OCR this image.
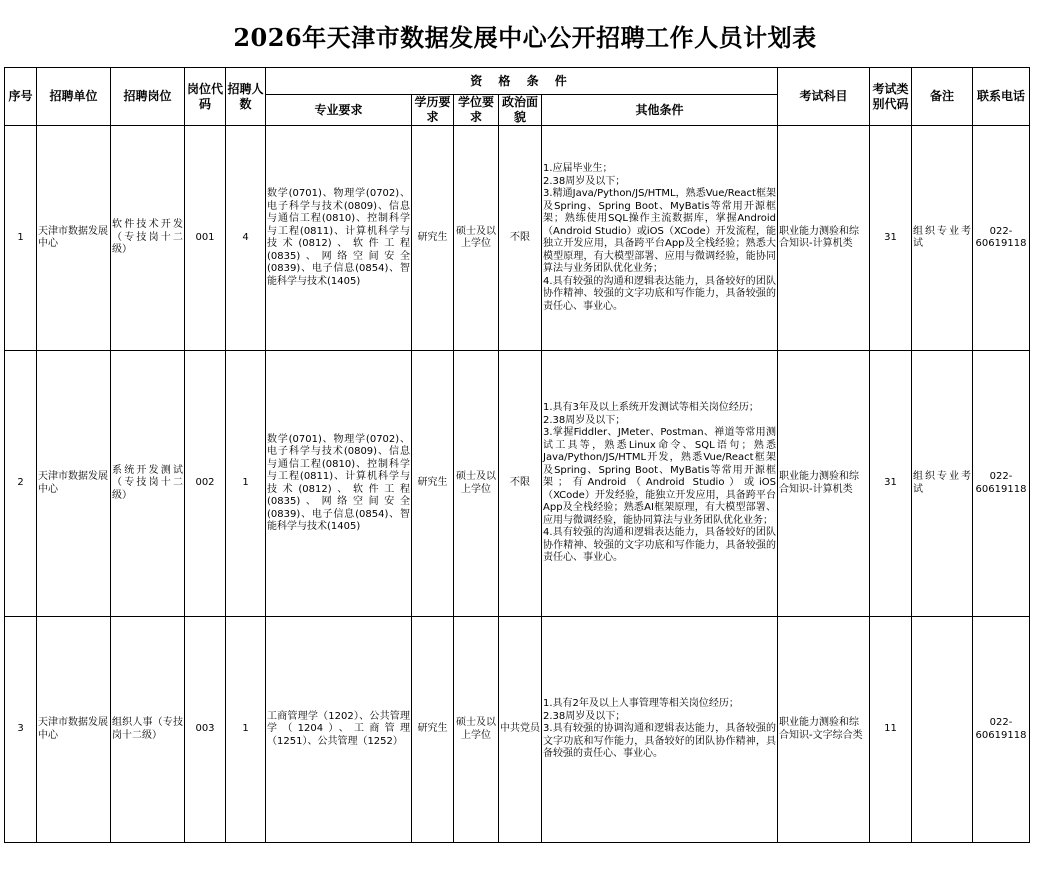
2026年天津市数据发展中心公开招聘工作人员计划表
序号	招聘单位	招聘岗位	岗位代码	招聘人数	资 格 条 件					考试科目	考试类别代码	备注	联系电话
					专业要求	学历要求	学位要求	政治面貌	其他条件				
1	天津市数据发展中心	软件技术开发（专技岗十二级）	001	4	数学(0701)、物理学(0702)、电子科学与技术(0809)、信息与通信工程(0810)、控制科学与工程(0811)、计算机科学与技术(0812)、软件工程(0835)、网络空间安全(0839)、电子信息(0854)、智能科学与技术(1405)	研究生	硕士及以上学位	不限	1.应届毕业生；
2.38周岁及以下；
3.精通Java/Python/JS/HTML，熟悉Vue/React框架及Spring、Spring Boot、MyBatis等常用开源框架；熟练使用SQL操作主流数据库，掌握Android（Android Studio）或iOS（XCode）开发流程，能独立开发应用，具备跨平台App及全栈经验；熟悉大模型原理，有大模型部署、应用与微调经验，能协同算法与业务团队优化业务；
4.具有较强的沟通和逻辑表达能力，具备较好的团队协作精神、较强的文字功底和写作能力，具备较强的责任心、事业心。	职业能力测验和综合知识-计算机类	31	组织专业考试	022-60619118
2	天津市数据发展中心	系统开发测试（专技岗十二级）	002	1	数学(0701)、物理学(0702)、电子科学与技术(0809)、信息与通信工程(0810)、控制科学与工程(0811)、计算机科学与技术(0812)、软件工程(0835)、网络空间安全(0839)、电子信息(0854)、智能科学与技术(1405)	研究生	硕士及以上学位	不限	1.具有3年及以上系统开发测试等相关岗位经历；
2.38周岁及以下；
3.掌握Fiddler、JMeter、Postman、禅道等常用测试工具等，熟悉Linux命令、SQL语句；熟悉Java/Python/JS/HTML开发，熟悉Vue/React框架及Spring、Spring Boot、MyBatis等常用开源框架；有Android（Android Studio）或iOS（XCode）开发经验，能独立开发应用，具备跨平台App及全栈经验；熟悉AI框架原理，有大模型部署、应用与微调经验，能协同算法与业务团队优化业务；
4.具有较强的沟通和逻辑表达能力，具备较好的团队协作精神、较强的文字功底和写作能力，具备较强的责任心、事业心。	职业能力测验和综合知识-计算机类	31	组织专业考试	022-60619118
3	天津市数据发展中心	组织人事（专技岗十二级）	003	1	工商管理学（1202）、公共管理学（1204）、工商管理（1251）、公共管理（1252）	研究生	硕士及以上学位	中共党员	1.具有2年及以上人事管理等相关岗位经历；
2.38周岁及以下；
3.具有较强的协调沟通和逻辑表达能力，具备较强的文字功底和写作能力，具备较好的团队协作精神，具备较强的责任心、事业心。	职业能力测验和综合知识-文字综合类	11		022-60619118
